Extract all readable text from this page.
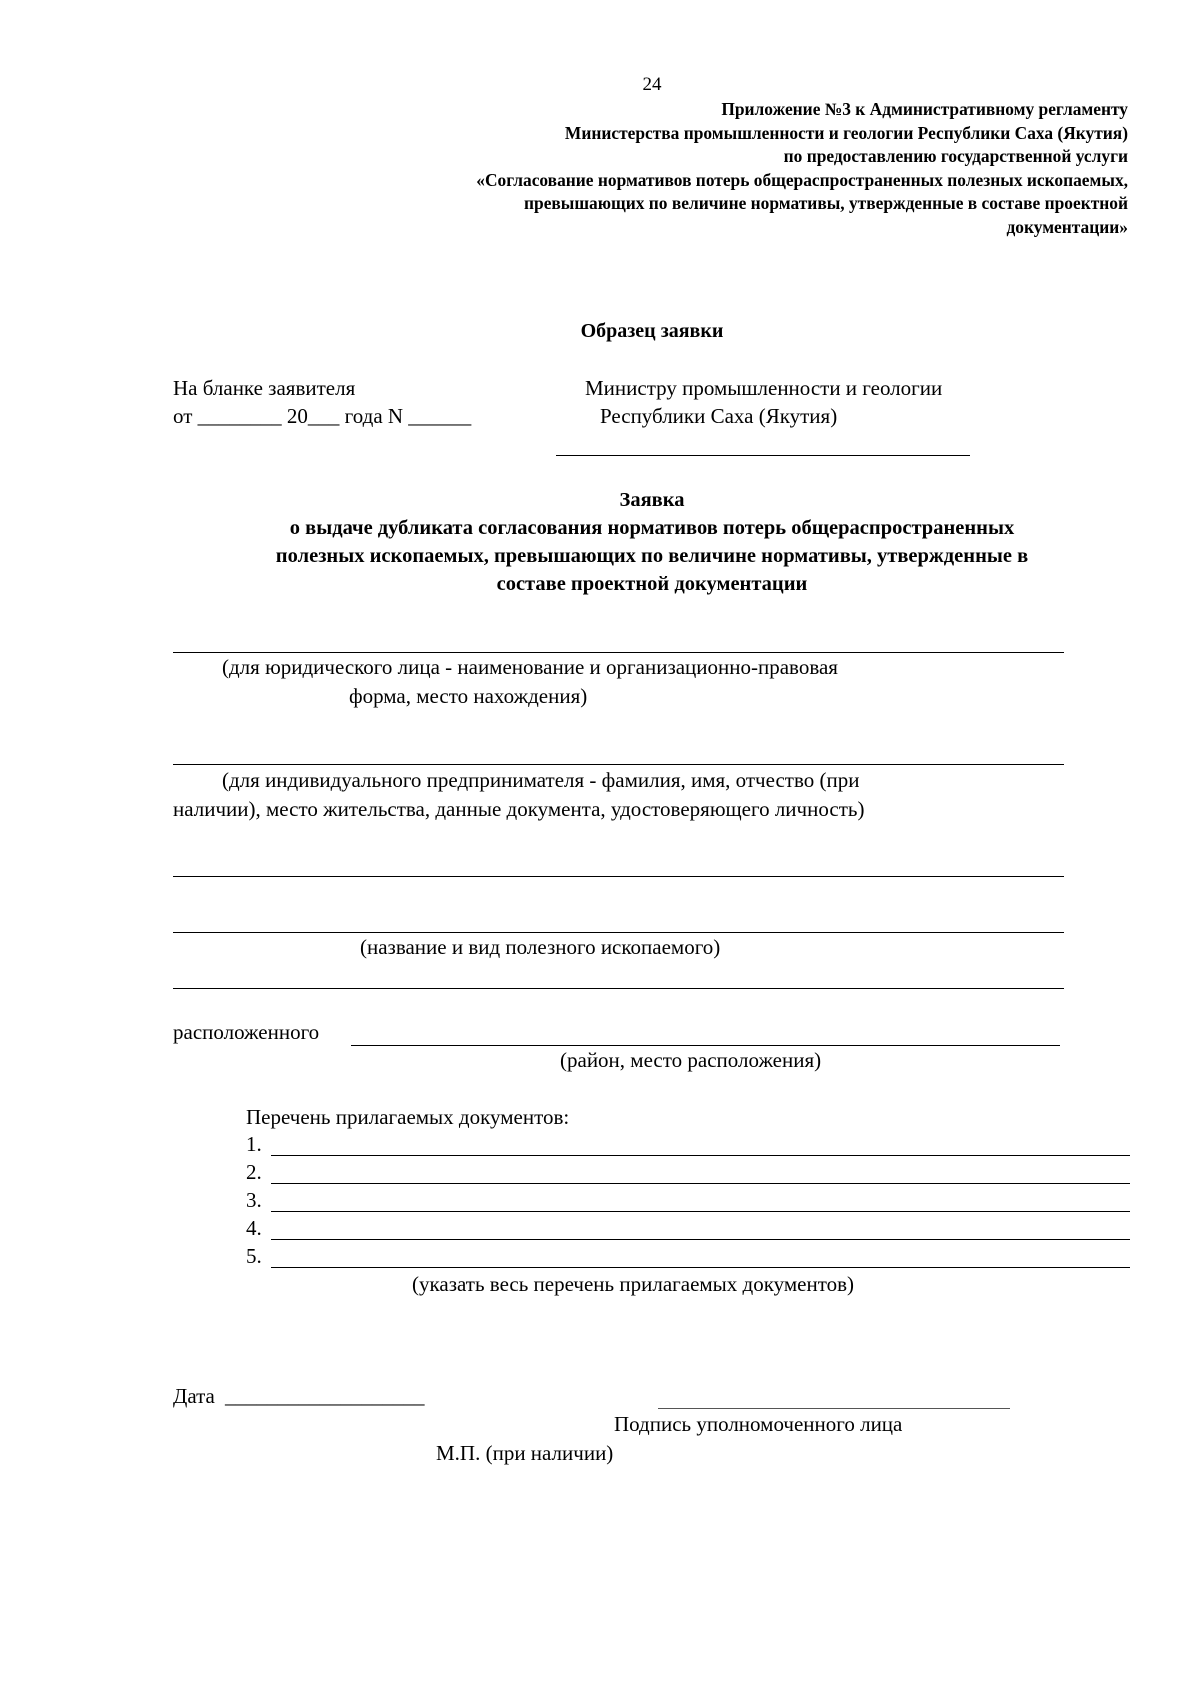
24
Приложение №3 к Административному регламенту
Министерства промышленности и геологии Республики Саха (Якутия)
по предоставлению государственной услуги
«Согласование нормативов потерь общераспространенных полезных ископаемых,
превышающих по величине нормативы, утвержденные в составе проектной
документации»
Образец заявки
На бланке заявителя
от ________ 20___ года N ______
Министру промышленности и геологии
Республики Саха (Якутия)
Заявка
о выдаче дубликата согласования нормативов потерь общераспространенных
полезных ископаемых, превышающих по величине нормативы, утвержденные в
составе проектной документации
(для юридического лица - наименование и организационно-правовая
форма, место нахождения)
(для индивидуального предпринимателя - фамилия, имя, отчество (при
наличии), место жительства, данные документа, удостоверяющего личность)
(название и вид полезного ископаемого)
расположенного
(район, место расположения)
Перечень прилагаемых документов:
1.
2.
3.
4.
5.
(указать весь перечень прилагаемых документов)
Дата ___________________
Подпись уполномоченного лица
М.П. (при наличии)
